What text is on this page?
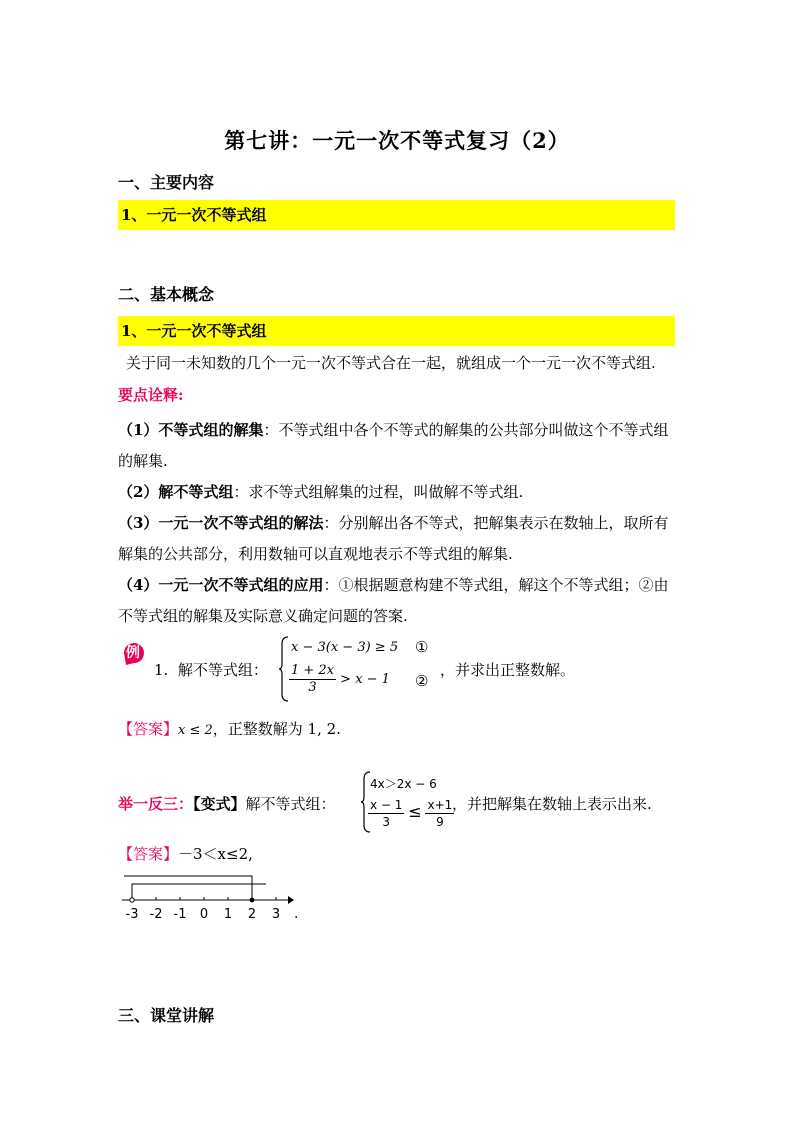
第七讲：一元一次不等式复习（2）
一、主要内容
1、一元一次不等式组
二、基本概念
1、一元一次不等式组
关于同一未知数的几个一元一次不等式合在一起，就组成一个一元一次不等式组.
要点诠释:
（1）不等式组的解集：不等式组中各个不等式的解集的公共部分叫做这个不等式组的解集.
（2）解不等式组：求不等式组解集的过程，叫做解不等式组.
（3）一元一次不等式组的解法：分别解出各不等式，把解集表示在数轴上，取所有解集的公共部分，利用数轴可以直观地表示不等式组的解集.
（4）一元一次不等式组的应用：①根据题意构建不等式组，解这个不等式组；②由不等式组的解集及实际意义确定问题的答案.
例
1. 解不等式组：
x − 3(x − 3) ≥ 5 ①
$\frac{1 + 2x}{3} > x - 1$ ②
，并求出正整数解。
【答案】x ≤ 2，正整数解为 1, 2.
举一反三：【变式】解不等式组：
4x＞2x − 6
$\frac{x - 1}{3} \le \frac{x+1}{9}$
，并把解集在数轴上表示出来.
【答案】－3＜x≤2,
-3 -2 -1 0 1 2 3 .
三、课堂讲解
